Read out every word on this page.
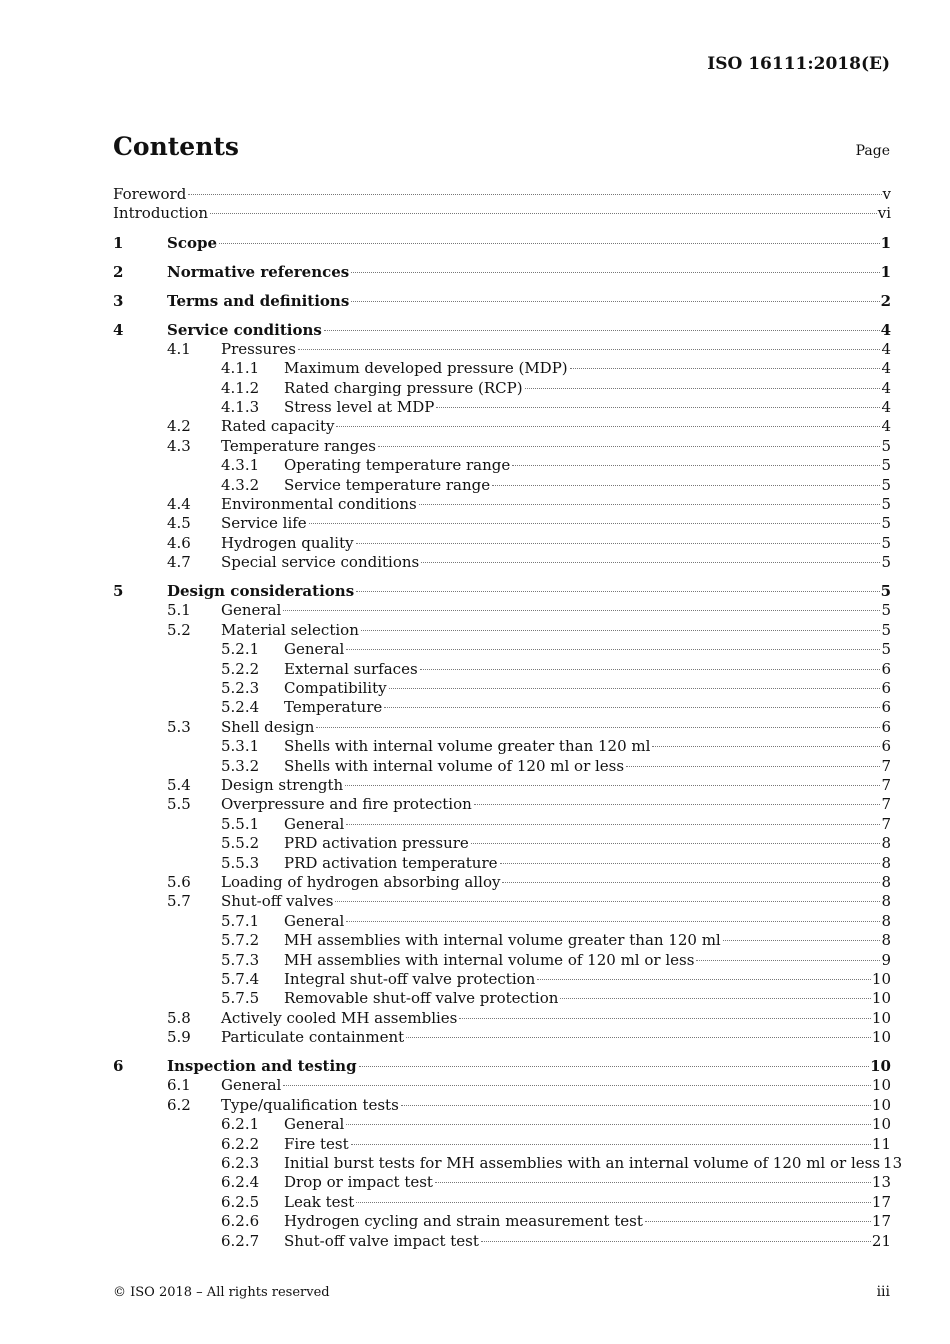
ISO 16111:2018(E)
Contents	Page
Foreword	v
Introduction	vi
1	Scope	1
2	Normative references	1
3	Terms and definitions	2
4	Service conditions	4
4.1 Pressures	4
4.1.1 Maximum developed pressure (MDP)	4
4.1.2 Rated charging pressure (RCP)	4
4.1.3 Stress level at MDP	4
4.2 Rated capacity	4
4.3 Temperature ranges	5
4.3.1 Operating temperature range	5
4.3.2 Service temperature range	5
4.4 Environmental conditions	5
4.5 Service life	5
4.6 Hydrogen quality	5
4.7 Special service conditions	5
5	Design considerations	5
5.1 General	5
5.2 Material selection	5
5.2.1 General	5
5.2.2 External surfaces	6
5.2.3 Compatibility	6
5.2.4 Temperature	6
5.3 Shell design	6
5.3.1 Shells with internal volume greater than 120 ml	6
5.3.2 Shells with internal volume of 120 ml or less	7
5.4 Design strength	7
5.5 Overpressure and fire protection	7
5.5.1 General	7
5.5.2 PRD activation pressure	8
5.5.3 PRD activation temperature	8
5.6 Loading of hydrogen absorbing alloy	8
5.7 Shut-off valves	8
5.7.1 General	8
5.7.2 MH assemblies with internal volume greater than 120 ml	8
5.7.3 MH assemblies with internal volume of 120 ml or less	9
5.7.4 Integral shut-off valve protection	10
5.7.5 Removable shut-off valve protection	10
5.8 Actively cooled MH assemblies	10
5.9 Particulate containment	10
6	Inspection and testing	10
6.1 General	10
6.2 Type/qualification tests	10
6.2.1 General	10
6.2.2 Fire test	11
6.2.3 Initial burst tests for MH assemblies with an internal volume of 120 ml or less 13
6.2.4 Drop or impact test	13
6.2.5 Leak test	17
6.2.6 Hydrogen cycling and strain measurement test	17
6.2.7 Shut-off valve impact test	21
© ISO 2018 – All rights reserved	iii
